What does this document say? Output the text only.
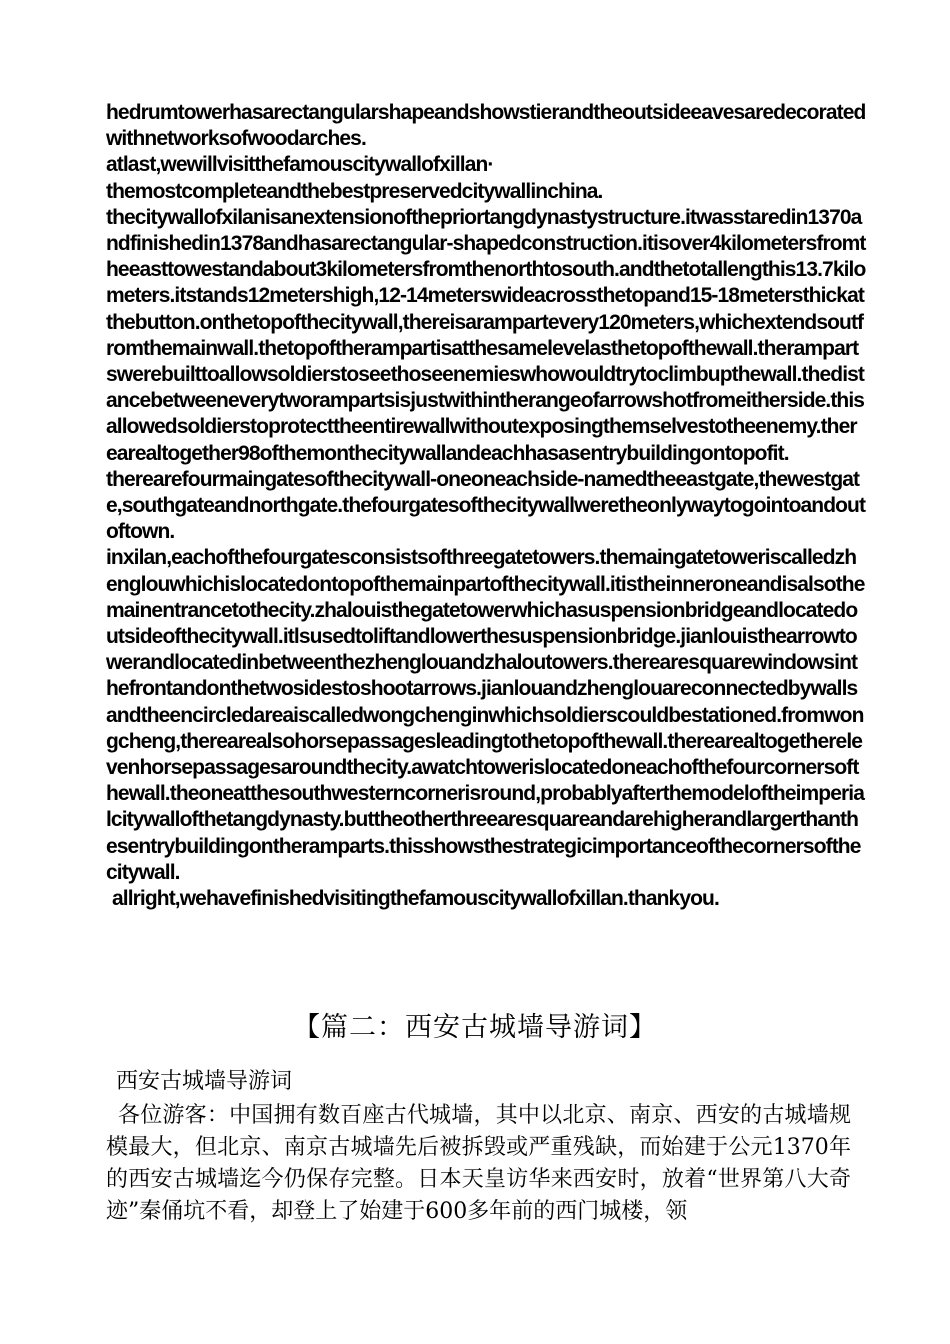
hedrumtowerhasarectangularshapeandshowstierandtheoutsideeavesaredecoratedwithnetworksofwoodarches.

atlast,wewillvisitthefamouscitywallofxillan·

themostcompleteandthebestpreservedcitywallinchina.

thecitywallofxilanisanextensionofthepriortangdynastystructure.itwasstaredin1370andfinishedin1378andhasarectangular-shapedconstruction.itisover4kilometersfromtheeasttowestandabout3kilometersfromthenorthtosouth.andthetotallengthis13.7kilometers.itstands12metershigh,12-14meterswideacrossthetopand15-18metersthickatthebutton.onthetopofthecitywall,thereisarampartevery120meters,whichextendsoutfromthemainwall.thetopoftherampartisatthesamelevelasthetopofthewall.therampartswerebuilttoallowsoldierstoseethoseenemieswhowouldtrytoclimbupthewall.thedistancebetweeneverytworampartsisjustwithintherangeofarrowshotfromeitherside.thisallowedsoldierstoprotecttheentirewallwithoutexposingthemselvestotheenemy.therearealtogether98ofthemonthecitywallandeachhasasentrybuildingontopofit.

therearefourmaingatesofthecitywall-oneoneachside-namedtheeastgate,thewestgate,southgateandnorthgate.thefourgatesofthecitywallweretheonlywaytogointoandoutoftown.

inxilan,eachofthefourgatesconsistsofthreegatetowers.themaingatetoweriscalledzhenglouwhichislocatedontopofthemainpartofthecitywall.itistheinneroneandisalsothemainentrancetothecity.zhalouisthegatetowerwhichasuspensionbridgeandlocatedoutsideofthecitywall.itlsusedtoliftandlowerthesuspensionbridge.jianlouisthearrowtowerandlocatedinbetweenthezhenglouandzhaloutowers.therearesquarewindowsinthefrontandonthetwosidestoshootarrows.jianlouandzhenglouareconnectedbywallsandtheencircledareaiscalledwongchenginwhichsoldierscouldbestationed.fromwongcheng,therearealsohorsepassagesleadingtothetopofthewall.therearealtogetherelevenhorsepassagesaroundthecity.awatchtowerislocatedoneachofthefourcornersofthewall.theoneatthesouthwesterncornerisround,probablyafterthemodeloftheimperialcitywallofthetangdynasty.buttheotherthreearesquareandarehigherandlargerthanthesentrybuildingontheramparts.thisshowsthestrategicimportanceofthecornersofthecitywall.

allright,wehavefinishedvisitingthefamouscitywallofxillan.thankyou.

【篇二：西安古城墙导游词】

西安古城墙导游词

各位游客：中国拥有数百座古代城墙，其中以北京、南京、西安的古城墙规模最大，但北京、南京古城墙先后被拆毁或严重残缺，而始建于公元1370年的西安古城墙迄今仍保存完整。日本天皇访华来西安时，放着“世界第八大奇迹”秦俑坑不看，却登上了始建于600多年前的西门城楼，领
